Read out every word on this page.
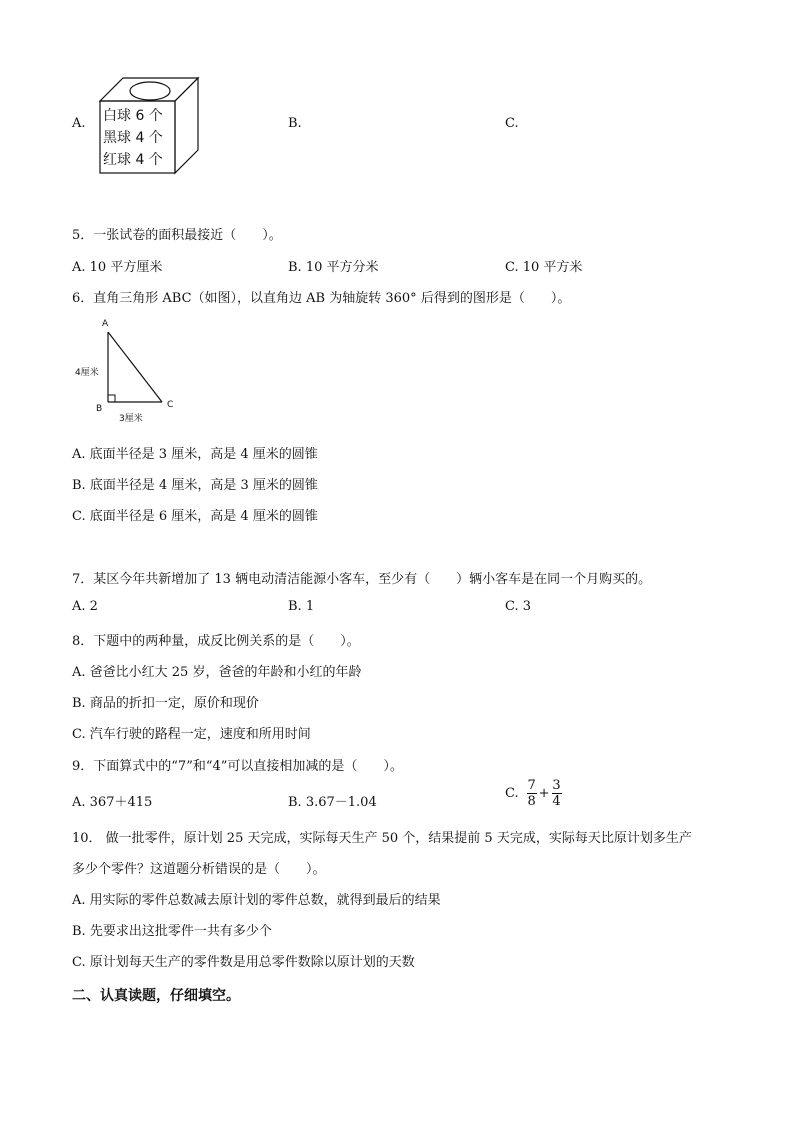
A. 白球 6 个
黑球 4 个
红球 4 个
B.	C.
5．一张试卷的面积最接近（　　）。
A. 10 平方厘米	B. 10 平方分米	C. 10 平方米
6．直角三角形 ABC（如图），以直角边 AB 为轴旋转 360° 后得到的图形是（　　）。
A
B	C
4厘米
3厘米
A. 底面半径是 3 厘米，高是 4 厘米的圆锥
B. 底面半径是 4 厘米，高是 3 厘米的圆锥
C. 底面半径是 6 厘米，高是 4 厘米的圆锥
7．某区今年共新增加了 13 辆电动清洁能源小客车，至少有（　　）辆小客车是在同一个月购买的。
A. 2	B. 1	C. 3
8．下题中的两种量，成反比例关系的是（　　）。
A. 爸爸比小红大 25 岁，爸爸的年龄和小红的年龄
B. 商品的折扣一定，原价和现价
C. 汽车行驶的路程一定，速度和所用时间
9．下面算式中的“7”和“4”可以直接相加减的是（　　）。
A. 367＋415	B. 3.67－1.04
C. $\frac{7}{8} + \frac{3}{4}$
10． 做一批零件，原计划 25 天完成，实际每天生产 50 个，结果提前 5 天完成，实际每天比原计划多生产
多少个零件？这道题分析错误的是（　　）。
A. 用实际的零件总数减去原计划的零件总数，就得到最后的结果
B. 先要求出这批零件一共有多少个
C. 原计划每天生产的零件数是用总零件数除以原计划的天数
二、认真读题，仔细填空。
